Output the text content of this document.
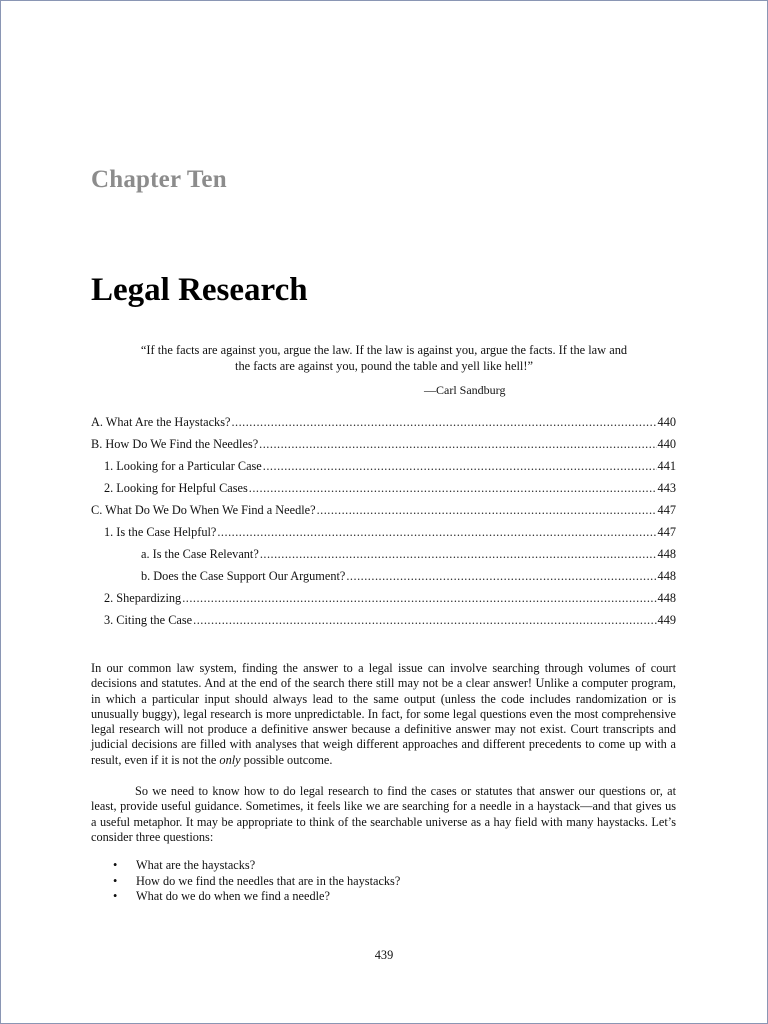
Chapter Ten
Legal Research

“If the facts are against you, argue the law. If the law is against you, argue the facts. If the law and the facts are against you, pound the table and yell like hell!”

—Carl Sandburg

A. What Are the Haystacks? .....	440
B. How Do We Find the Needles? .....	440
1. Looking for a Particular Case .....	441
2. Looking for Helpful Cases .....	443
C. What Do We Do When We Find a Needle? .....	447
1. Is the Case Helpful? .....	447
a. Is the Case Relevant? .....	448
b. Does the Case Support Our Argument? .....	448
2. Shepardizing .....	448
3. Citing the Case .....	449

In our common law system, finding the answer to a legal issue can involve searching through volumes of court decisions and statutes. And at the end of the search there still may not be a clear answer! Unlike a computer program, in which a particular input should always lead to the same output (unless the code includes randomization or is unusually buggy), legal research is more unpredictable. In fact, for some legal questions even the most comprehensive legal research will not produce a definitive answer because a definitive answer may not exist. Court transcripts and judicial decisions are filled with analyses that weigh different approaches and different precedents to come up with a result, even if it is not the only possible outcome.

So we need to know how to do legal research to find the cases or statutes that answer our questions or, at least, provide useful guidance. Sometimes, it feels like we are searching for a needle in a haystack—and that gives us a useful metaphor. It may be appropriate to think of the searchable universe as a hay field with many haystacks. Let’s consider three questions:

• What are the haystacks?
• How do we find the needles that are in the haystacks?
• What do we do when we find a needle?

439
